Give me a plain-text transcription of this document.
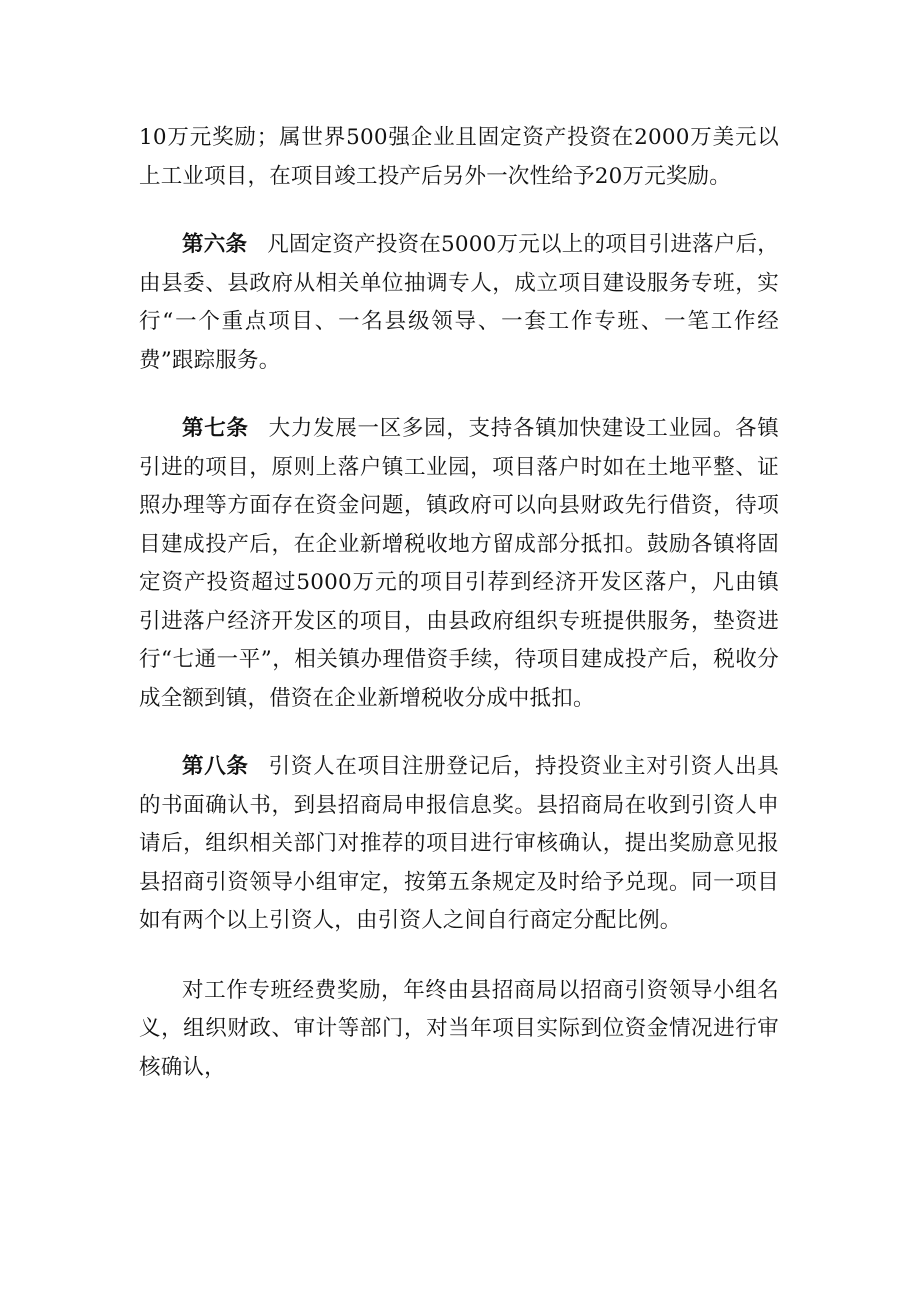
10万元奖励；属世界500强企业且固定资产投资在2000万美元以上工业项目，在项目竣工投产后另外一次性给予20万元奖励。

第六条 凡固定资产投资在5000万元以上的项目引进落户后，由县委、县政府从相关单位抽调专人，成立项目建设服务专班，实行“一个重点项目、一名县级领导、一套工作专班、一笔工作经费”跟踪服务。

第七条 大力发展一区多园，支持各镇加快建设工业园。各镇引进的项目，原则上落户镇工业园，项目落户时如在土地平整、证照办理等方面存在资金问题，镇政府可以向县财政先行借资，待项目建成投产后，在企业新增税收地方留成部分抵扣。鼓励各镇将固定资产投资超过5000万元的项目引荐到经济开发区落户，凡由镇引进落户经济开发区的项目，由县政府组织专班提供服务，垫资进行“七通一平”，相关镇办理借资手续，待项目建成投产后，税收分成全额到镇，借资在企业新增税收分成中抵扣。

第八条 引资人在项目注册登记后，持投资业主对引资人出具的书面确认书，到县招商局申报信息奖。县招商局在收到引资人申请后，组织相关部门对推荐的项目进行审核确认，提出奖励意见报县招商引资领导小组审定，按第五条规定及时给予兑现。同一项目如有两个以上引资人，由引资人之间自行商定分配比例。

对工作专班经费奖励，年终由县招商局以招商引资领导小组名义，组织财政、审计等部门，对当年项目实际到位资金情况进行审核确认，
